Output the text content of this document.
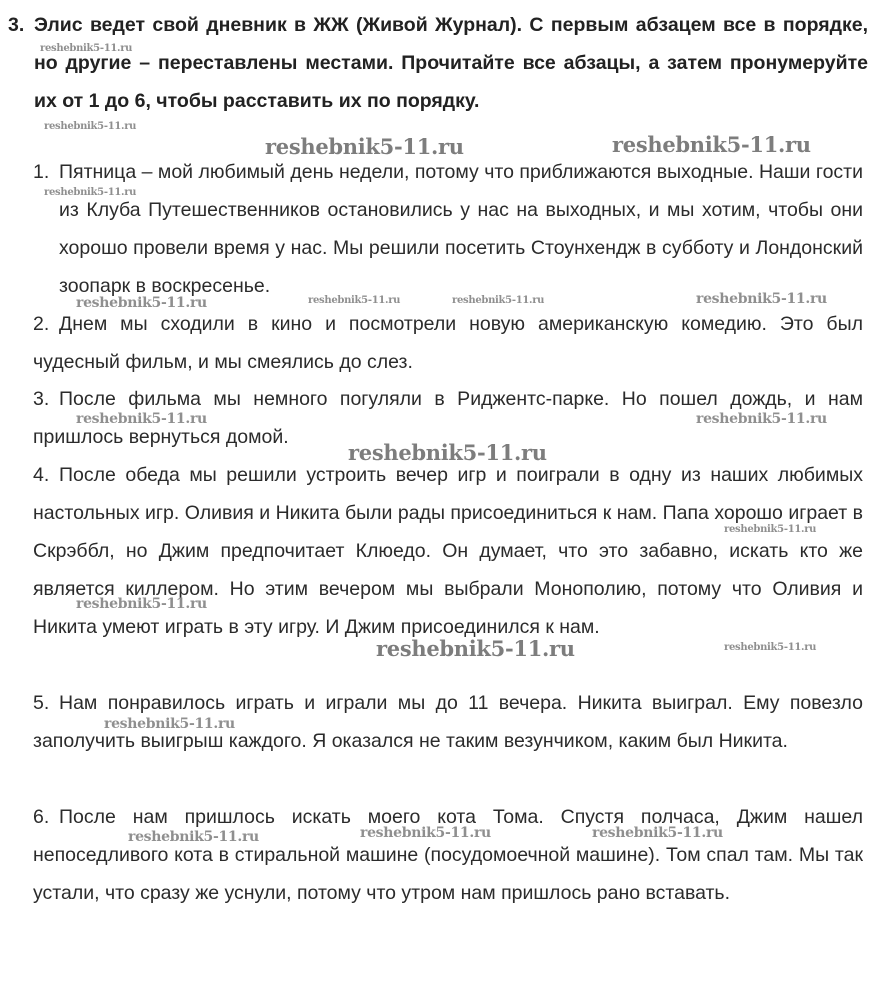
3. Элис ведет свой дневник в ЖЖ (Живой Журнал). С первым абзацем все в порядке, но другие – переставлены местами. Прочитайте все абзацы, а затем пронумеруйте их от 1 до 6, чтобы расставить их по порядку.
1. Пятница – мой любимый день недели, потому что приближаются выходные. Наши гости из Клуба Путешественников остановились у нас на выходных, и мы хотим, чтобы они хорошо провели время у нас. Мы решили посетить Стоунхендж в субботу и Лондонский зоопарк в воскресенье.
2. Днем мы сходили в кино и посмотрели новую американскую комедию. Это был чудесный фильм, и мы смеялись до слез.
3. После фильма мы немного погуляли в Риджентс-парке. Но пошел дождь, и нам пришлось вернуться домой.
4. После обеда мы решили устроить вечер игр и поиграли в одну из наших любимых настольных игр. Оливия и Никита были рады присоединиться к нам. Папа хорошо играет в Скрэббл, но Джим предпочитает Клюедо. Он думает, что это забавно, искать кто же является киллером. Но этим вечером мы выбрали Монополию, потому что Оливия и Никита умеют играть в эту игру. И Джим присоединился к нам.
5. Нам понравилось играть и играли мы до 11 вечера. Никита выиграл. Ему повезло заполучить выигрыш каждого. Я оказался не таким везунчиком, каким был Никита.
6. После нам пришлось искать моего кота Тома. Спустя полчаса, Джим нашел непоседливого кота в стиральной машине (посудомоечной машине). Том спал там. Мы так устали, что сразу же уснули, потому что утром нам пришлось рано вставать.
reshebnik5-11.ru
reshebnik5-11.ru
reshebnik5-11.ru	reshebnik5-11.ru
reshebnik5-11.ru
reshebnik5-11.ru	reshebnik5-11.ru	reshebnik5-11.ru	reshebnik5-11.ru
reshebnik5-11.ru	reshebnik5-11.ru
reshebnik5-11.ru
reshebnik5-11.ru
reshebnik5-11.ru
reshebnik5-11.ru	reshebnik5-11.ru
reshebnik5-11.ru
reshebnik5-11.ru	reshebnik5-11.ru	reshebnik5-11.ru
